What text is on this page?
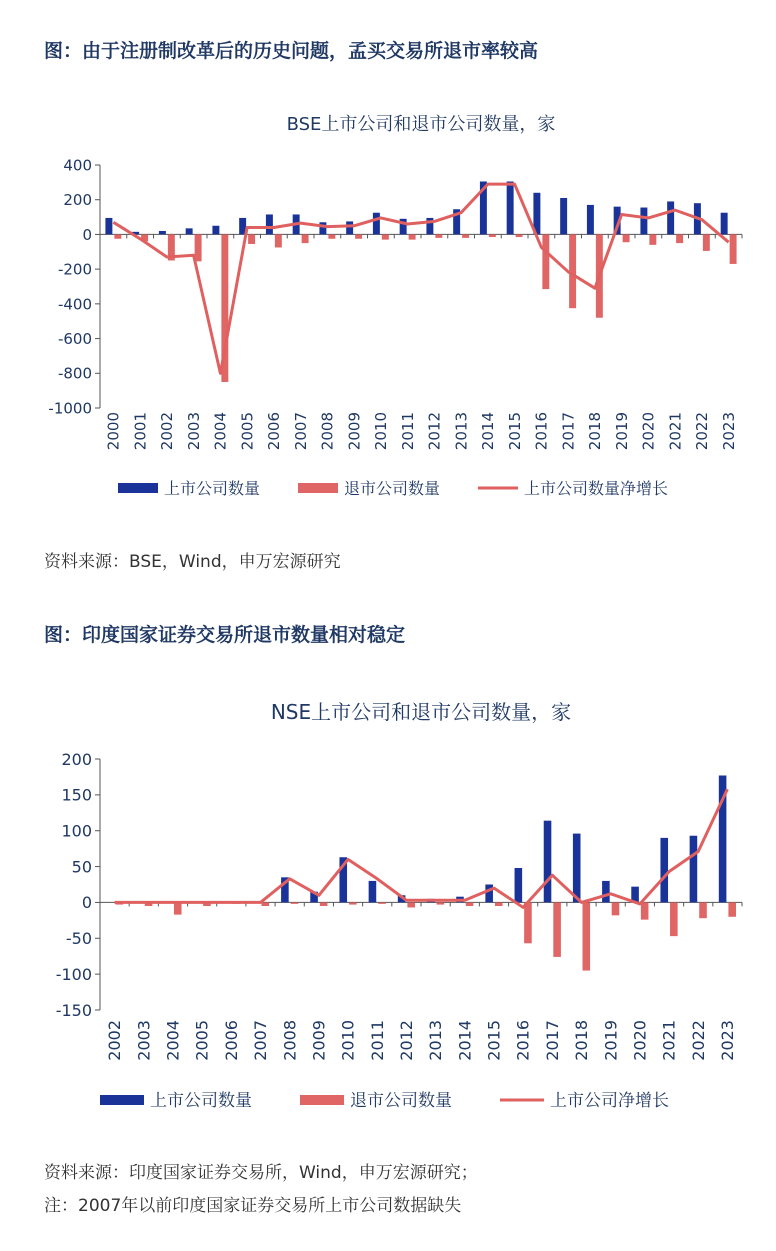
图：由于注册制改革后的历史问题，孟买交易所退市率较高
BSE上市公司和退市公司数量，家
400
200
0
-200
-400
-600
-800
-1000
2000 2001 2002 2003 2004 2005 2006 2007 2008 2009 2010 2011 2012 2013 2014 2015 2016 2017 2018 2019 2020 2021 2022 2023
上市公司数量	退市公司数量	上市公司数量净增长
资料来源：BSE，Wind，申万宏源研究
图：印度国家证券交易所退市数量相对稳定
NSE上市公司和退市公司数量，家
200
150
100
50
0
-50
-100
-150
2002 2003 2004 2005 2006 2007 2008 2009 2010 2011 2012 2013 2014 2015 2016 2017 2018 2019 2020 2021 2022 2023
上市公司数量	退市公司数量	上市公司净增长
资料来源：印度国家证券交易所，Wind，申万宏源研究；
注：2007年以前印度国家证券交易所上市公司数据缺失
